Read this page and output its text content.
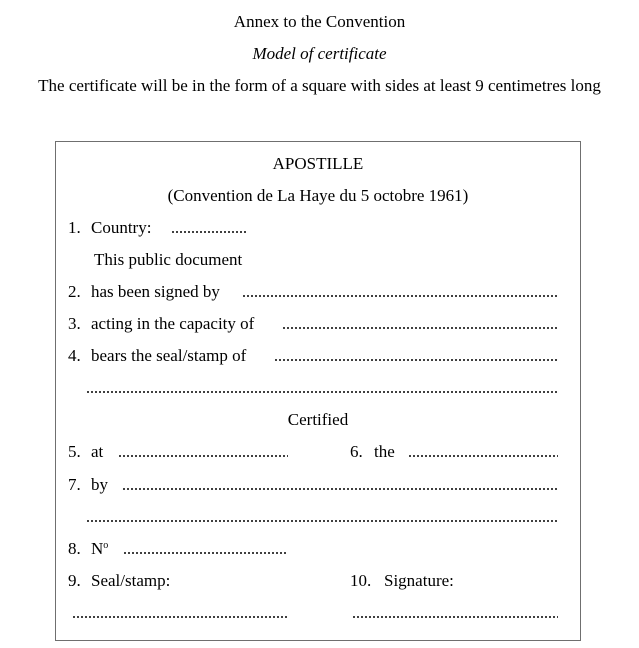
Annex to the Convention
Model of certificate
The certificate will be in the form of a square with sides at least 9 centimetres long
APOSTILLE
(Convention de La Haye du 5 octobre 1961)
1. Country:
This public document
2. has been signed by
3. acting in the capacity of
4. bears the seal/stamp of
Certified
5. at	6. the
7. by
8. $N^o$
9. Seal/stamp:	10. Signature:
